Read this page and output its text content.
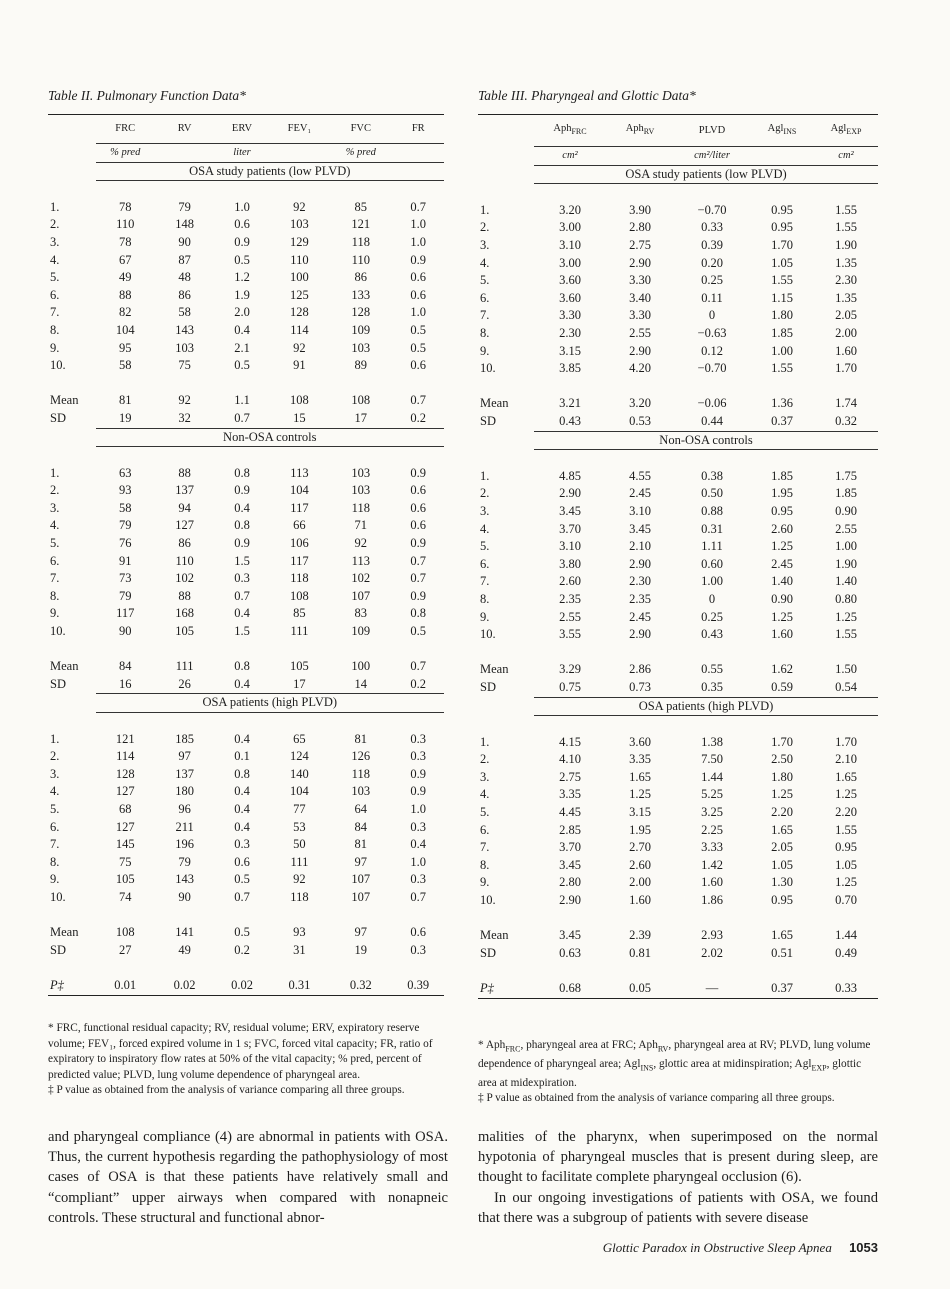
Table II. Pulmonary Function Data*
	FRC	RV	ERV	FEV₁	FVC	FR
	% pred		liter		% pred	

	OSA study patients (low PLVD)					

1.	78	79	1.0	92	85	0.7
2.	110	148	0.6	103	121	1.0
3.	78	90	0.9	129	118	1.0
4.	67	87	0.5	110	110	0.9
5.	49	48	1.2	100	86	0.6
6.	88	86	1.9	125	133	0.6
7.	82	58	2.0	128	128	1.0
8.	104	143	0.4	114	109	0.5
9.	95	103	2.1	92	103	0.5
10.	58	75	0.5	91	89	0.6

Mean	81	92	1.1	108	108	0.7
SD	19	32	0.7	15	17	0.2

	Non-OSA controls					

1.	63	88	0.8	113	103	0.9
2.	93	137	0.9	104	103	0.6
3.	58	94	0.4	117	118	0.6
4.	79	127	0.8	66	71	0.6
5.	76	86	0.9	106	92	0.9
6.	91	110	1.5	117	113	0.7
7.	73	102	0.3	118	102	0.7
8.	79	88	0.7	108	107	0.9
9.	117	168	0.4	85	83	0.8
10.	90	105	1.5	111	109	0.5

Mean	84	111	0.8	105	100	0.7
SD	16	26	0.4	17	14	0.2

	OSA patients (high PLVD)					

1.	121	185	0.4	65	81	0.3
2.	114	97	0.1	124	126	0.3
3.	128	137	0.8	140	118	0.9
4.	127	180	0.4	104	103	0.9
5.	68	96	0.4	77	64	1.0
6.	127	211	0.4	53	84	0.3
7.	145	196	0.3	50	81	0.4
8.	75	79	0.6	111	97	1.0
9.	105	143	0.5	92	107	0.3
10.	74	90	0.7	118	107	0.7

Mean	108	141	0.5	93	97	0.6
SD	27	49	0.2	31	19	0.3

P‡	0.01	0.02	0.02	0.31	0.32	0.39

* FRC, functional residual capacity; RV, residual volume; ERV, expiratory reserve volume; FEV₁, forced expired volume in 1 s; FVC, forced vital capacity; FR, ratio of expiratory to inspiratory flow rates at 50% of the vital capacity; % pred, percent of predicted value; PLVD, lung volume dependence of pharyngeal area.

‡ P value as obtained from the analysis of variance comparing all three groups.

Table III. Pharyngeal and Glottic Data*
	Aph$_{FRC}$	Aph$_{RV}$	PLVD	Agl$_{INS}$	Agl$_{EXP}$
	cm²		cm²/liter		cm²

	OSA study patients (low PLVD)				

1.	3.20	3.90	−0.70	0.95	1.55
2.	3.00	2.80	0.33	0.95	1.55
3.	3.10	2.75	0.39	1.70	1.90
4.	3.00	2.90	0.20	1.05	1.35
5.	3.60	3.30	0.25	1.55	2.30
6.	3.60	3.40	0.11	1.15	1.35
7.	3.30	3.30	0	1.80	2.05
8.	2.30	2.55	−0.63	1.85	2.00
9.	3.15	2.90	0.12	1.00	1.60
10.	3.85	4.20	−0.70	1.55	1.70

Mean	3.21	3.20	−0.06	1.36	1.74
SD	0.43	0.53	0.44	0.37	0.32

	Non-OSA controls				

1.	4.85	4.55	0.38	1.85	1.75
2.	2.90	2.45	0.50	1.95	1.85
3.	3.45	3.10	0.88	0.95	0.90
4.	3.70	3.45	0.31	2.60	2.55
5.	3.10	2.10	1.11	1.25	1.00
6.	3.80	2.90	0.60	2.45	1.90
7.	2.60	2.30	1.00	1.40	1.40
8.	2.35	2.35	0	0.90	0.80
9.	2.55	2.45	0.25	1.25	1.25
10.	3.55	2.90	0.43	1.60	1.55

Mean	3.29	2.86	0.55	1.62	1.50
SD	0.75	0.73	0.35	0.59	0.54

	OSA patients (high PLVD)				

1.	4.15	3.60	1.38	1.70	1.70
2.	4.10	3.35	7.50	2.50	2.10
3.	2.75	1.65	1.44	1.80	1.65
4.	3.35	1.25	5.25	1.25	1.25
5.	4.45	3.15	3.25	2.20	2.20
6.	2.85	1.95	2.25	1.65	1.55
7.	3.70	2.70	3.33	2.05	0.95
8.	3.45	2.60	1.42	1.05	1.05
9.	2.80	2.00	1.60	1.30	1.25
10.	2.90	1.60	1.86	0.95	0.70

Mean	3.45	2.39	2.93	1.65	1.44
SD	0.63	0.81	2.02	0.51	0.49

P‡	0.68	0.05	—	0.37	0.33

* Aph$_{FRC}$, pharyngeal area at FRC; Aph$_{RV}$, pharyngeal area at RV; PLVD, lung volume dependence of pharyngeal area; Agl$_{INS}$, glottic area at midinspiration; Agl$_{EXP}$, glottic area at midexpiration.

‡ P value as obtained from the analysis of variance comparing all three groups.

and pharyngeal compliance (4) are abnormal in patients with OSA. Thus, the current hypothesis regarding the pathophysiology of most cases of OSA is that these patients have relatively small and “compliant” upper airways when compared with nonapneic controls. These structural and functional abnor-

malities of the pharynx, when superimposed on the normal hypotonia of pharyngeal muscles that is present during sleep, are thought to facilitate complete pharyngeal occlusion (6).

In our ongoing investigations of patients with OSA, we found that there was a subgroup of patients with severe disease

Glottic Paradox in Obstructive Sleep Apnea 1053
